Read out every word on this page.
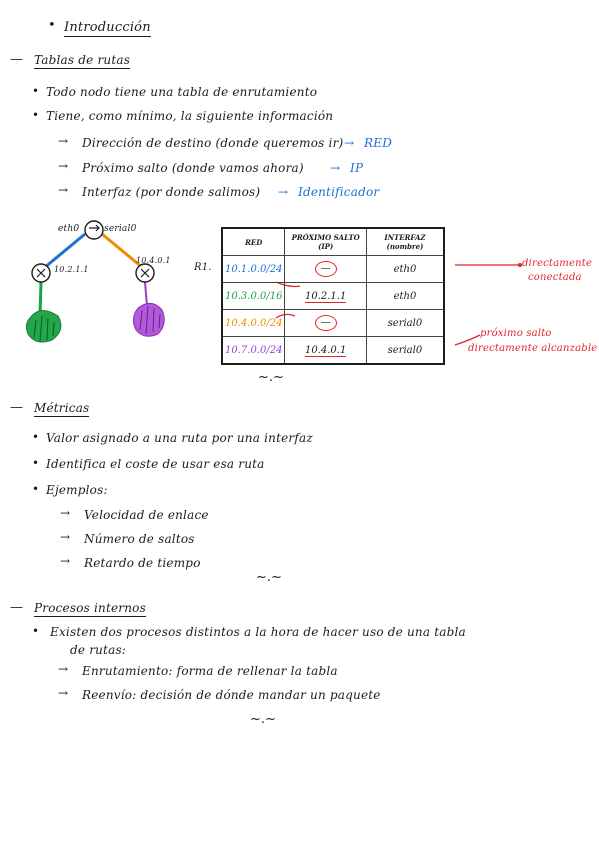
• Introducción
— Tablas de rutas
• Todo nodo tiene una tabla de enrutamiento
• Tiene, como mínimo, la siguiente información
→ Dirección de destino (donde queremos ir) → RED
→ Próximo salto (donde vamos ahora) → IP
→ Interfaz (por donde salimos) → Identificador
eth0	serial0
10.2.1.1
10.4.0.1
R1.
RED	PRÓXIMO SALTO (IP)	INTERFAZ (nombre)
10.1.0.0/24	—	eth0
10.3.0.0/16	10.2.1.1	eth0
10.4.0.0/24	—	serial0
10.7.0.0/24	10.4.0.1	serial0
directamente
conectada
próximo salto
directamente alcanzable
~.~
— Métricas
• Valor asignado a una ruta por una interfaz
• Identifica el coste de usar esa ruta
• Ejemplos:
→ Velocidad de enlace
→ Número de saltos
→ Retardo de tiempo
~.~
— Procesos internos
• Existen dos procesos distintos a la hora de hacer uso de una tabla
de rutas:
→ Enrutamiento: forma de rellenar la tabla
→ Reenvío: decisión de dónde mandar un paquete
~.~
